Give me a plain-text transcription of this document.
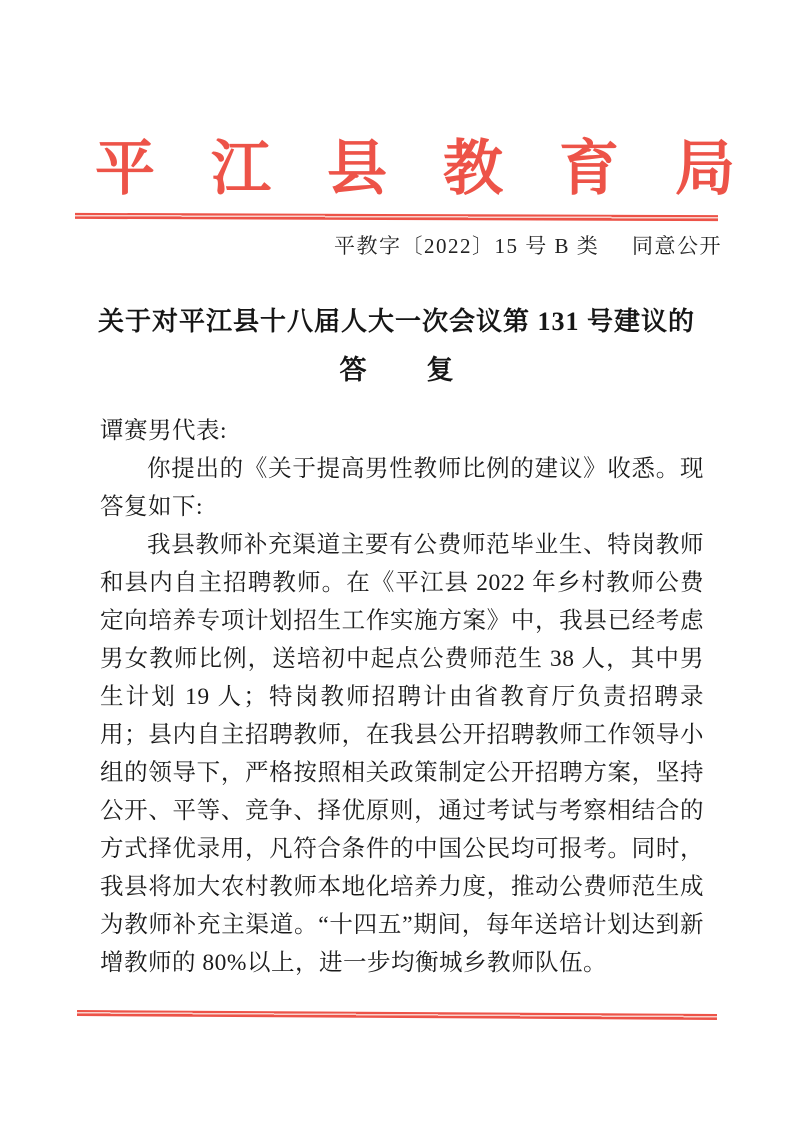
平 江 县 教 育 局
平教字〔2022〕15 号 B 类 同意公开
关于对平江县十八届人大一次会议第 131 号建议的
答 复

谭赛男代表:

你提出的《关于提高男性教师比例的建议》收悉。现答复如下:

我县教师补充渠道主要有公费师范毕业生、特岗教师和县内自主招聘教师。在《平江县 2022 年乡村教师公费定向培养专项计划招生工作实施方案》中，我县已经考虑男女教师比例，送培初中起点公费师范生 38 人，其中男生计划 19 人；特岗教师招聘计由省教育厅负责招聘录用；县内自主招聘教师，在我县公开招聘教师工作领导小组的领导下，严格按照相关政策制定公开招聘方案，坚持公开、平等、竞争、择优原则，通过考试与考察相结合的方式择优录用，凡符合条件的中国公民均可报考。同时，我县将加大农村教师本地化培养力度，推动公费师范生成为教师补充主渠道。“十四五”期间，每年送培计划达到新增教师的 80%以上，进一步均衡城乡教师队伍。
